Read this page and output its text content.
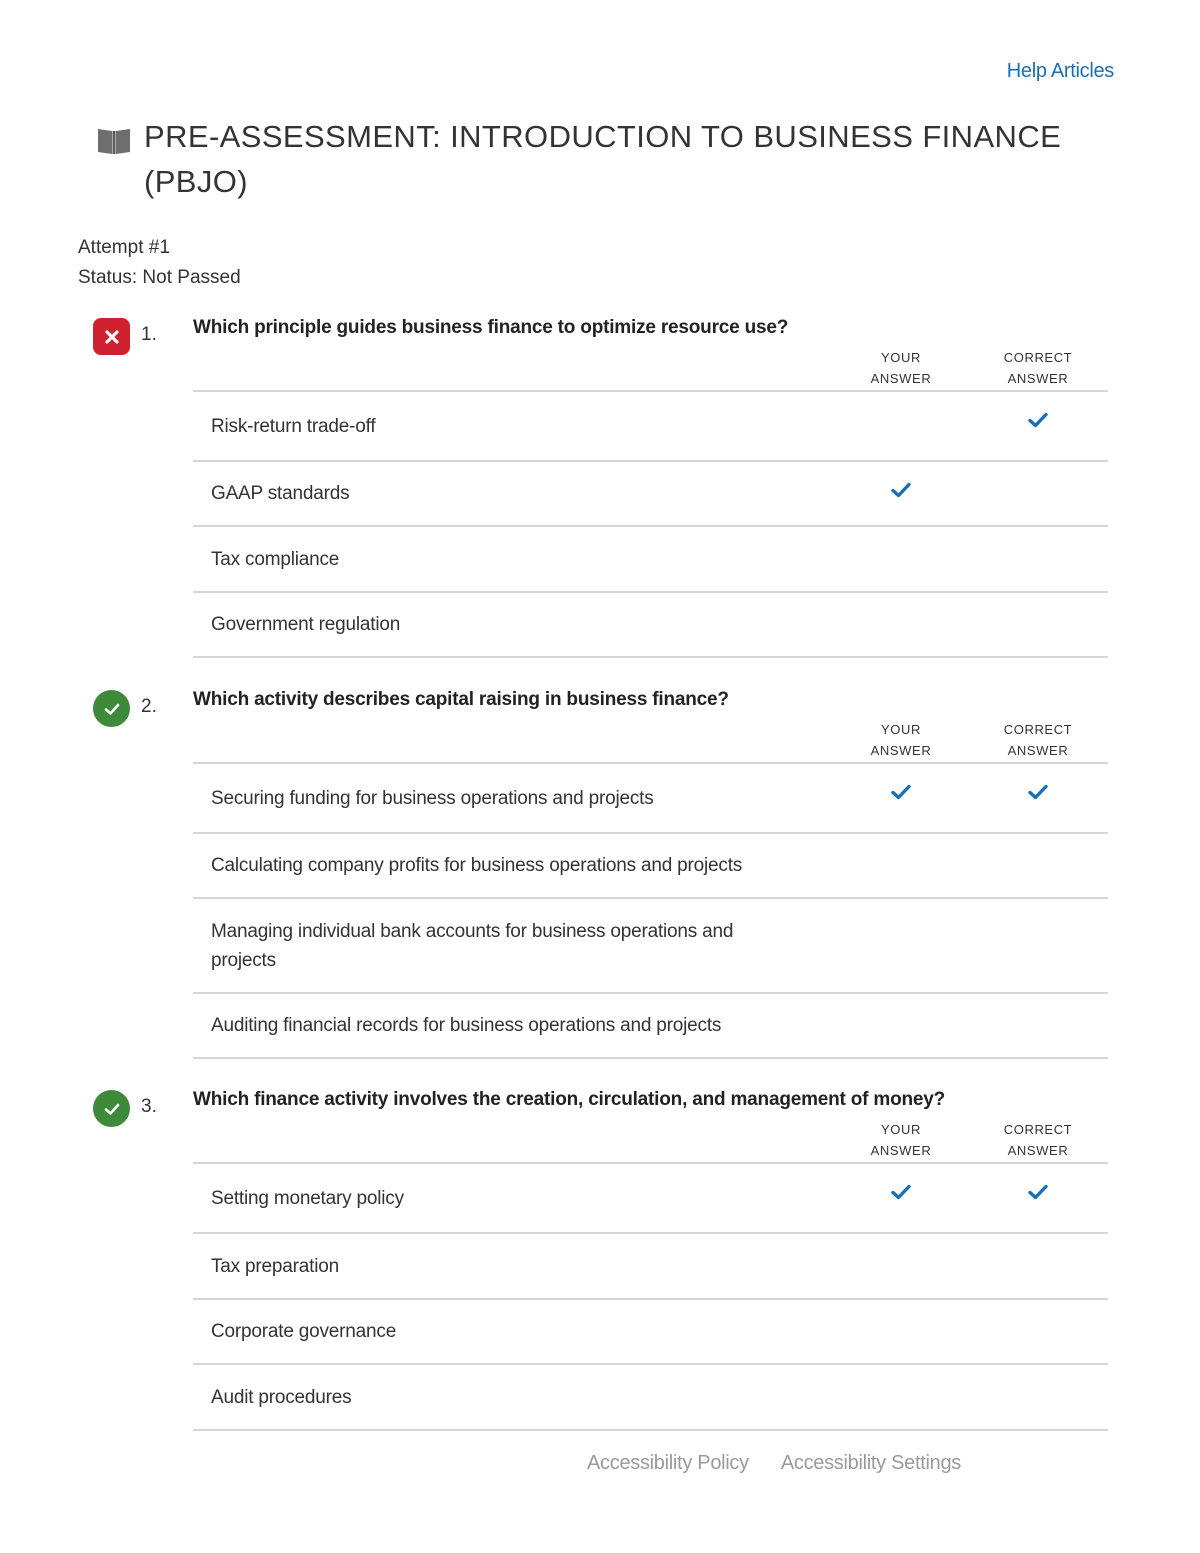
Help Articles
PRE-ASSESSMENT: INTRODUCTION TO BUSINESS FINANCE (PBJO)
Attempt #1
Status: Not Passed
1. Which principle guides business finance to optimize resource use?
YOUR
ANSWER
CORRECT
ANSWER
Risk-return trade-off
GAAP standards
Tax compliance
Government regulation
2. Which activity describes capital raising in business finance?
YOUR
ANSWER
CORRECT
ANSWER
Securing funding for business operations and projects
Calculating company profits for business operations and projects
Managing individual bank accounts for business operations and projects
Auditing financial records for business operations and projects
3. Which finance activity involves the creation, circulation, and management of money?
YOUR
ANSWER
CORRECT
ANSWER
Setting monetary policy
Tax preparation
Corporate governance
Audit procedures
Accessibility Policy Accessibility Settings
